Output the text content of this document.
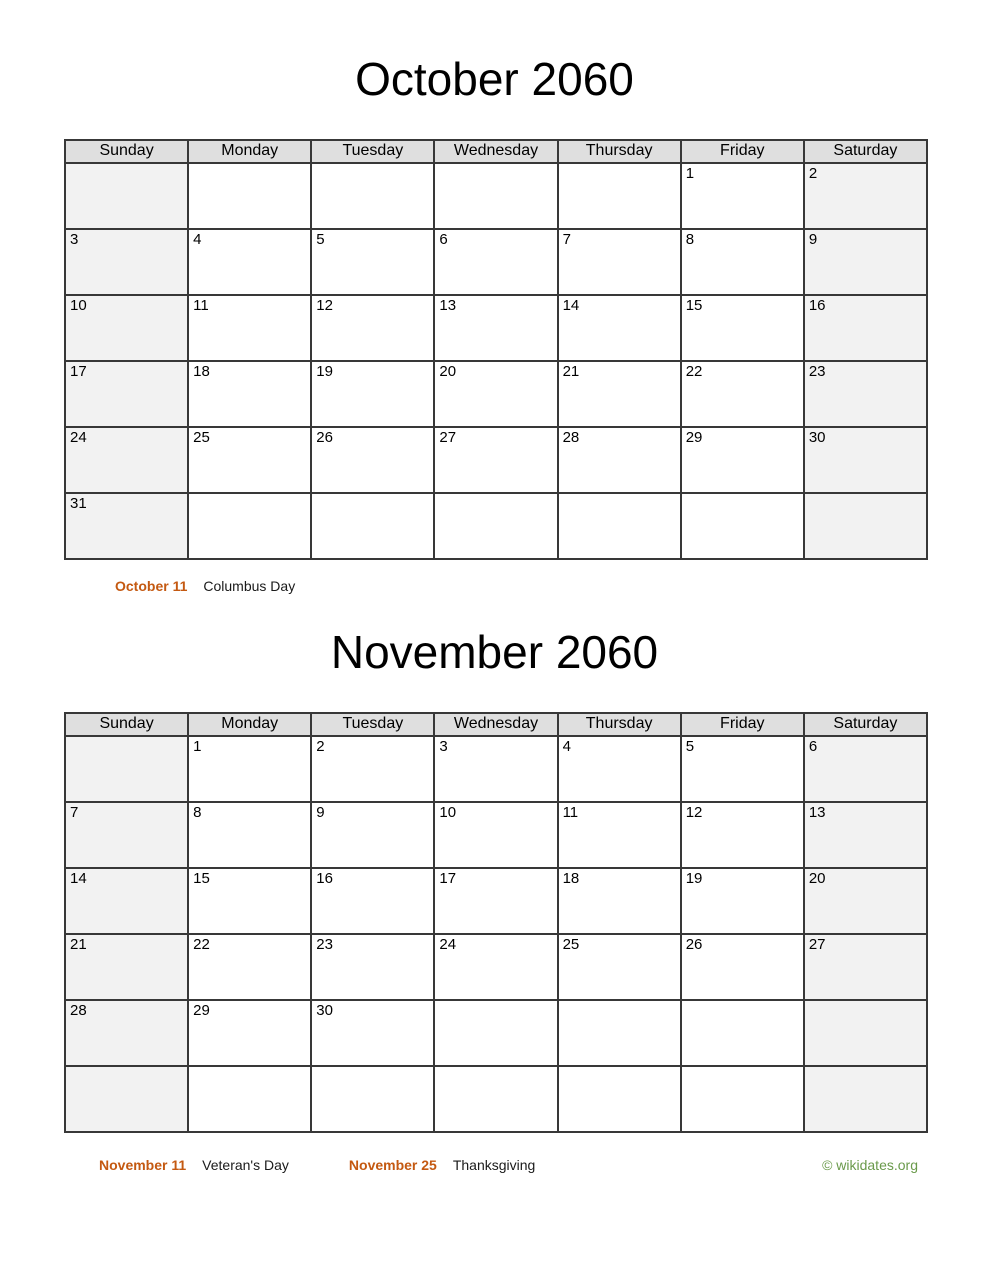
October 2060
Sunday	Monday	Tuesday	Wednesday	Thursday	Friday	Saturday
					1	2
3	4	5	6	7	8	9
10	11	12	13	14	15	16
17	18	19	20	21	22	23
24	25	26	27	28	29	30
31						
October 11 Columbus Day
November 2060
Sunday	Monday	Tuesday	Wednesday	Thursday	Friday	Saturday
	1	2	3	4	5	6
7	8	9	10	11	12	13
14	15	16	17	18	19	20
21	22	23	24	25	26	27
28	29	30				

November 11 Veteran's Day	November 25 Thanksgiving	© wikidates.org
